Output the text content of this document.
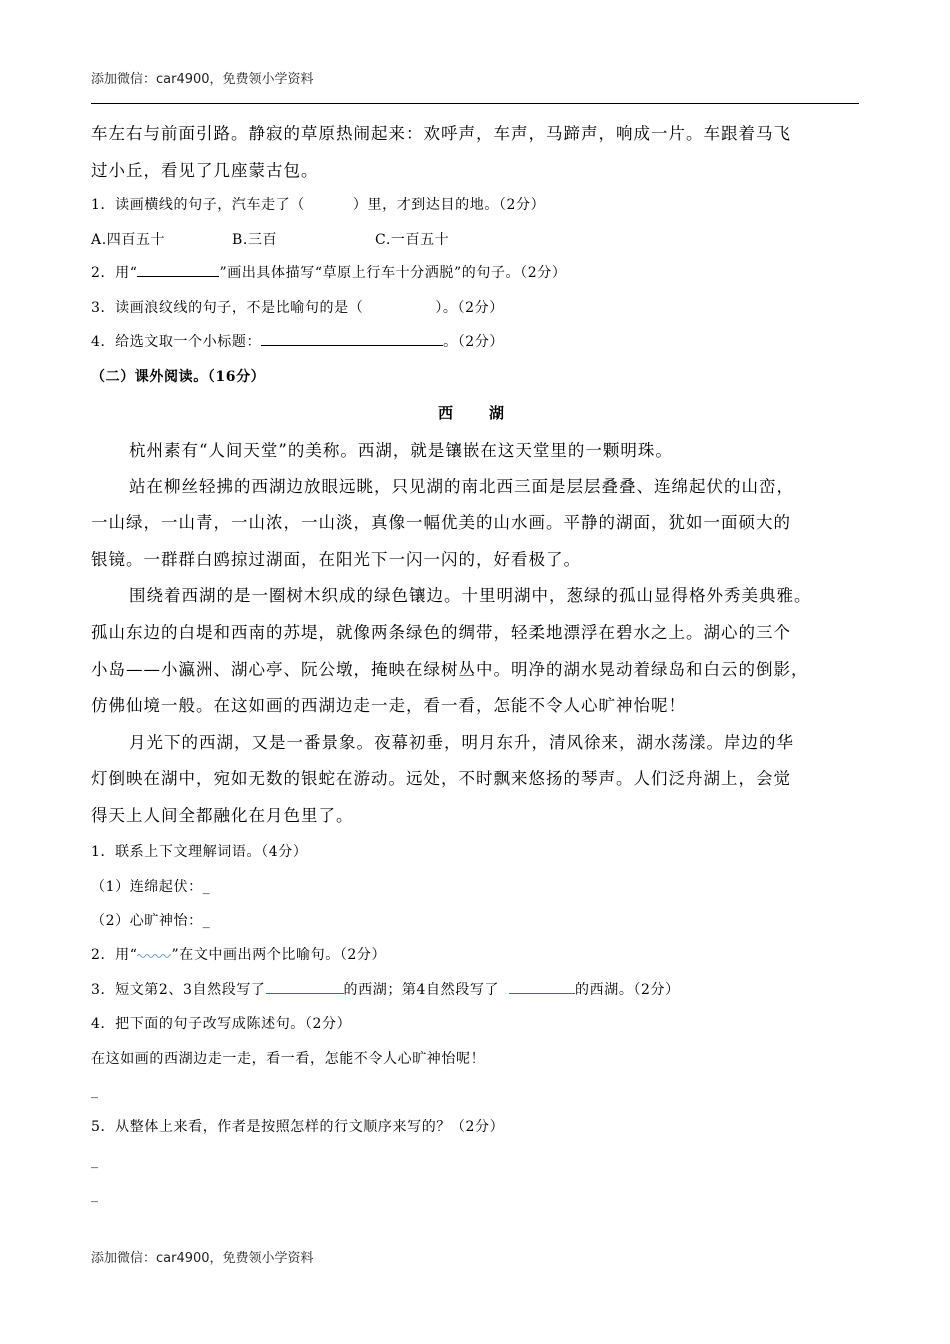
添加微信：car4900，免费领小学资料
车左右与前面引路。静寂的草原热闹起来：欢呼声，车声，马蹄声，响成一片。车跟着马飞
过小丘，看见了几座蒙古包。
1．读画横线的句子，汽车走了（	）里，才到达目的地。（2分）
A.四百五十	B.三百	C.一百五十
2．用“	”画出具体描写“草原上行车十分洒脱”的句子。（2分）
3．读画浪纹线的句子，不是比喻句的是（	）。（2分）
4．给选文取一个小标题：	。（2分）
（二）课外阅读。（16分）
西　　湖
杭州素有“人间天堂”的美称。西湖，就是镶嵌在这天堂里的一颗明珠。
站在柳丝轻拂的西湖边放眼远眺，只见湖的南北西三面是层层叠叠、连绵起伏的山峦，
一山绿，一山青，一山浓，一山淡，真像一幅优美的山水画。平静的湖面，犹如一面硕大的
银镜。一群群白鸥掠过湖面，在阳光下一闪一闪的，好看极了。
围绕着西湖的是一圈树木织成的绿色镶边。十里明湖中，葱绿的孤山显得格外秀美典雅。
孤山东边的白堤和西南的苏堤，就像两条绿色的绸带，轻柔地漂浮在碧水之上。湖心的三个
小岛——小瀛洲、湖心亭、阮公墩，掩映在绿树丛中。明净的湖水晃动着绿岛和白云的倒影，
仿佛仙境一般。在这如画的西湖边走一走，看一看，怎能不令人心旷神怡呢！
月光下的西湖，又是一番景象。夜幕初垂，明月东升，清风徐来，湖水荡漾。岸边的华
灯倒映在湖中，宛如无数的银蛇在游动。远处，不时飘来悠扬的琴声。人们泛舟湖上，会觉
得天上人间全都融化在月色里了。
1．联系上下文理解词语。（4分）
（1）连绵起伏：_
（2）心旷神怡：_
2．用“ ”在文中画出两个比喻句。（2分）
3．短文第2、3自然段写了	的西湖；第4自然段写了	的西湖。（2分）
4．把下面的句子改写成陈述句。（2分）
在这如画的西湖边走一走，看一看，怎能不令人心旷神怡呢！
_
5．从整体上来看，作者是按照怎样的行文顺序来写的？（2分）
_
_
添加微信：car4900，免费领小学资料
